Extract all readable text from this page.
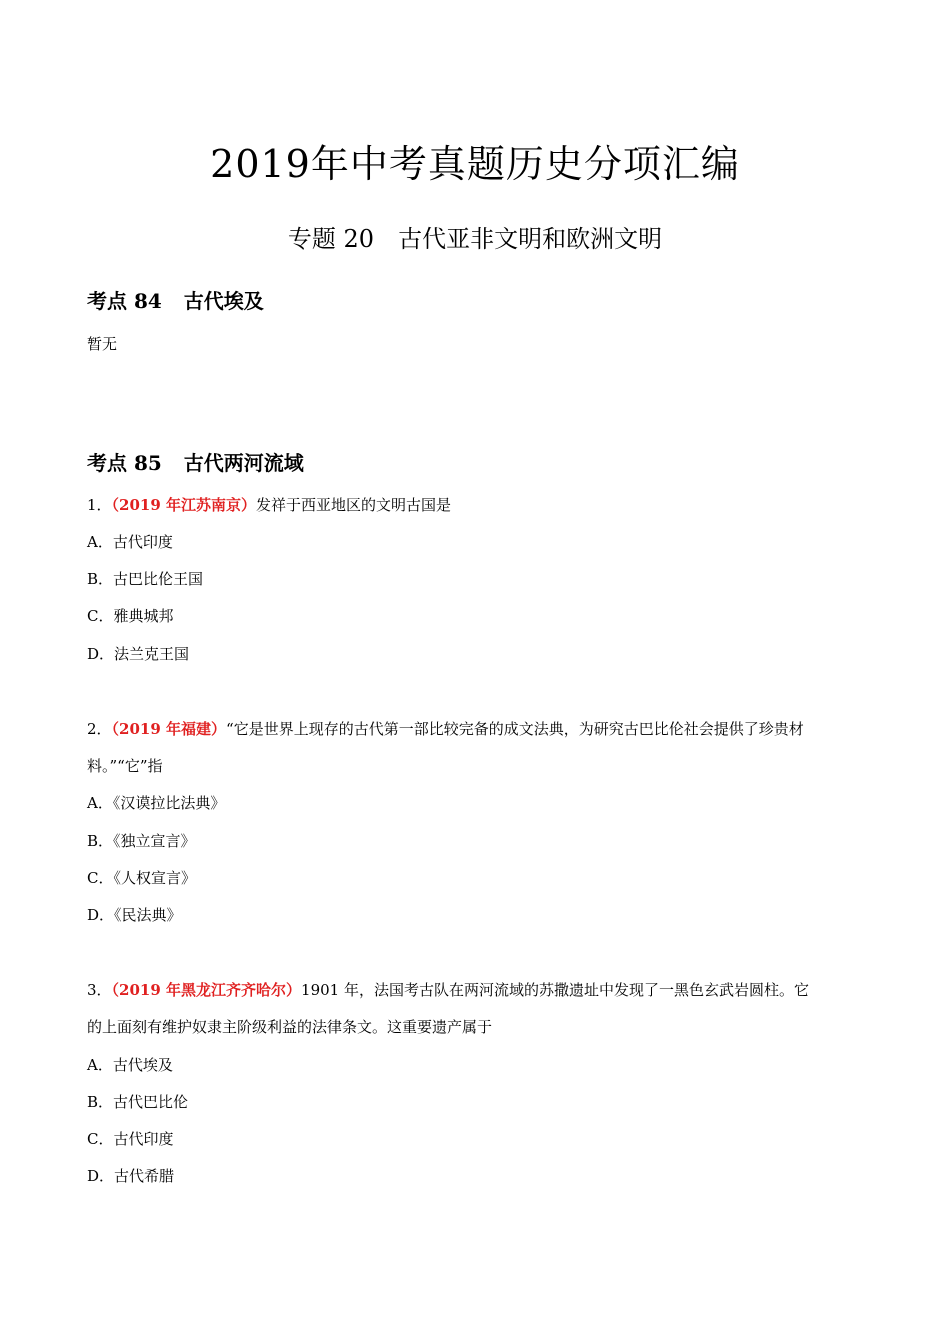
2019年中考真题历史分项汇编
专题 20　古代亚非文明和欧洲文明
考点 84 古代埃及
暂无
考点 85 古代两河流域
1．（2019 年江苏南京）发祥于西亚地区的文明古国是
A．古代印度
B．古巴比伦王国
C．雅典城邦
D．法兰克王国
2．（2019 年福建）“它是世界上现存的古代第一部比较完备的成文法典，为研究古巴比伦社会提供了珍贵材
料。”“它”指
A．《汉谟拉比法典》
B．《独立宣言》
C．《人权宣言》
D．《民法典》
3．（2019 年黑龙江齐齐哈尔）1901 年，法国考古队在两河流域的苏撒遗址中发现了一黑色玄武岩圆柱。它
的上面刻有维护奴隶主阶级利益的法律条文。这重要遗产属于
A．古代埃及
B．古代巴比伦
C．古代印度
D．古代希腊
